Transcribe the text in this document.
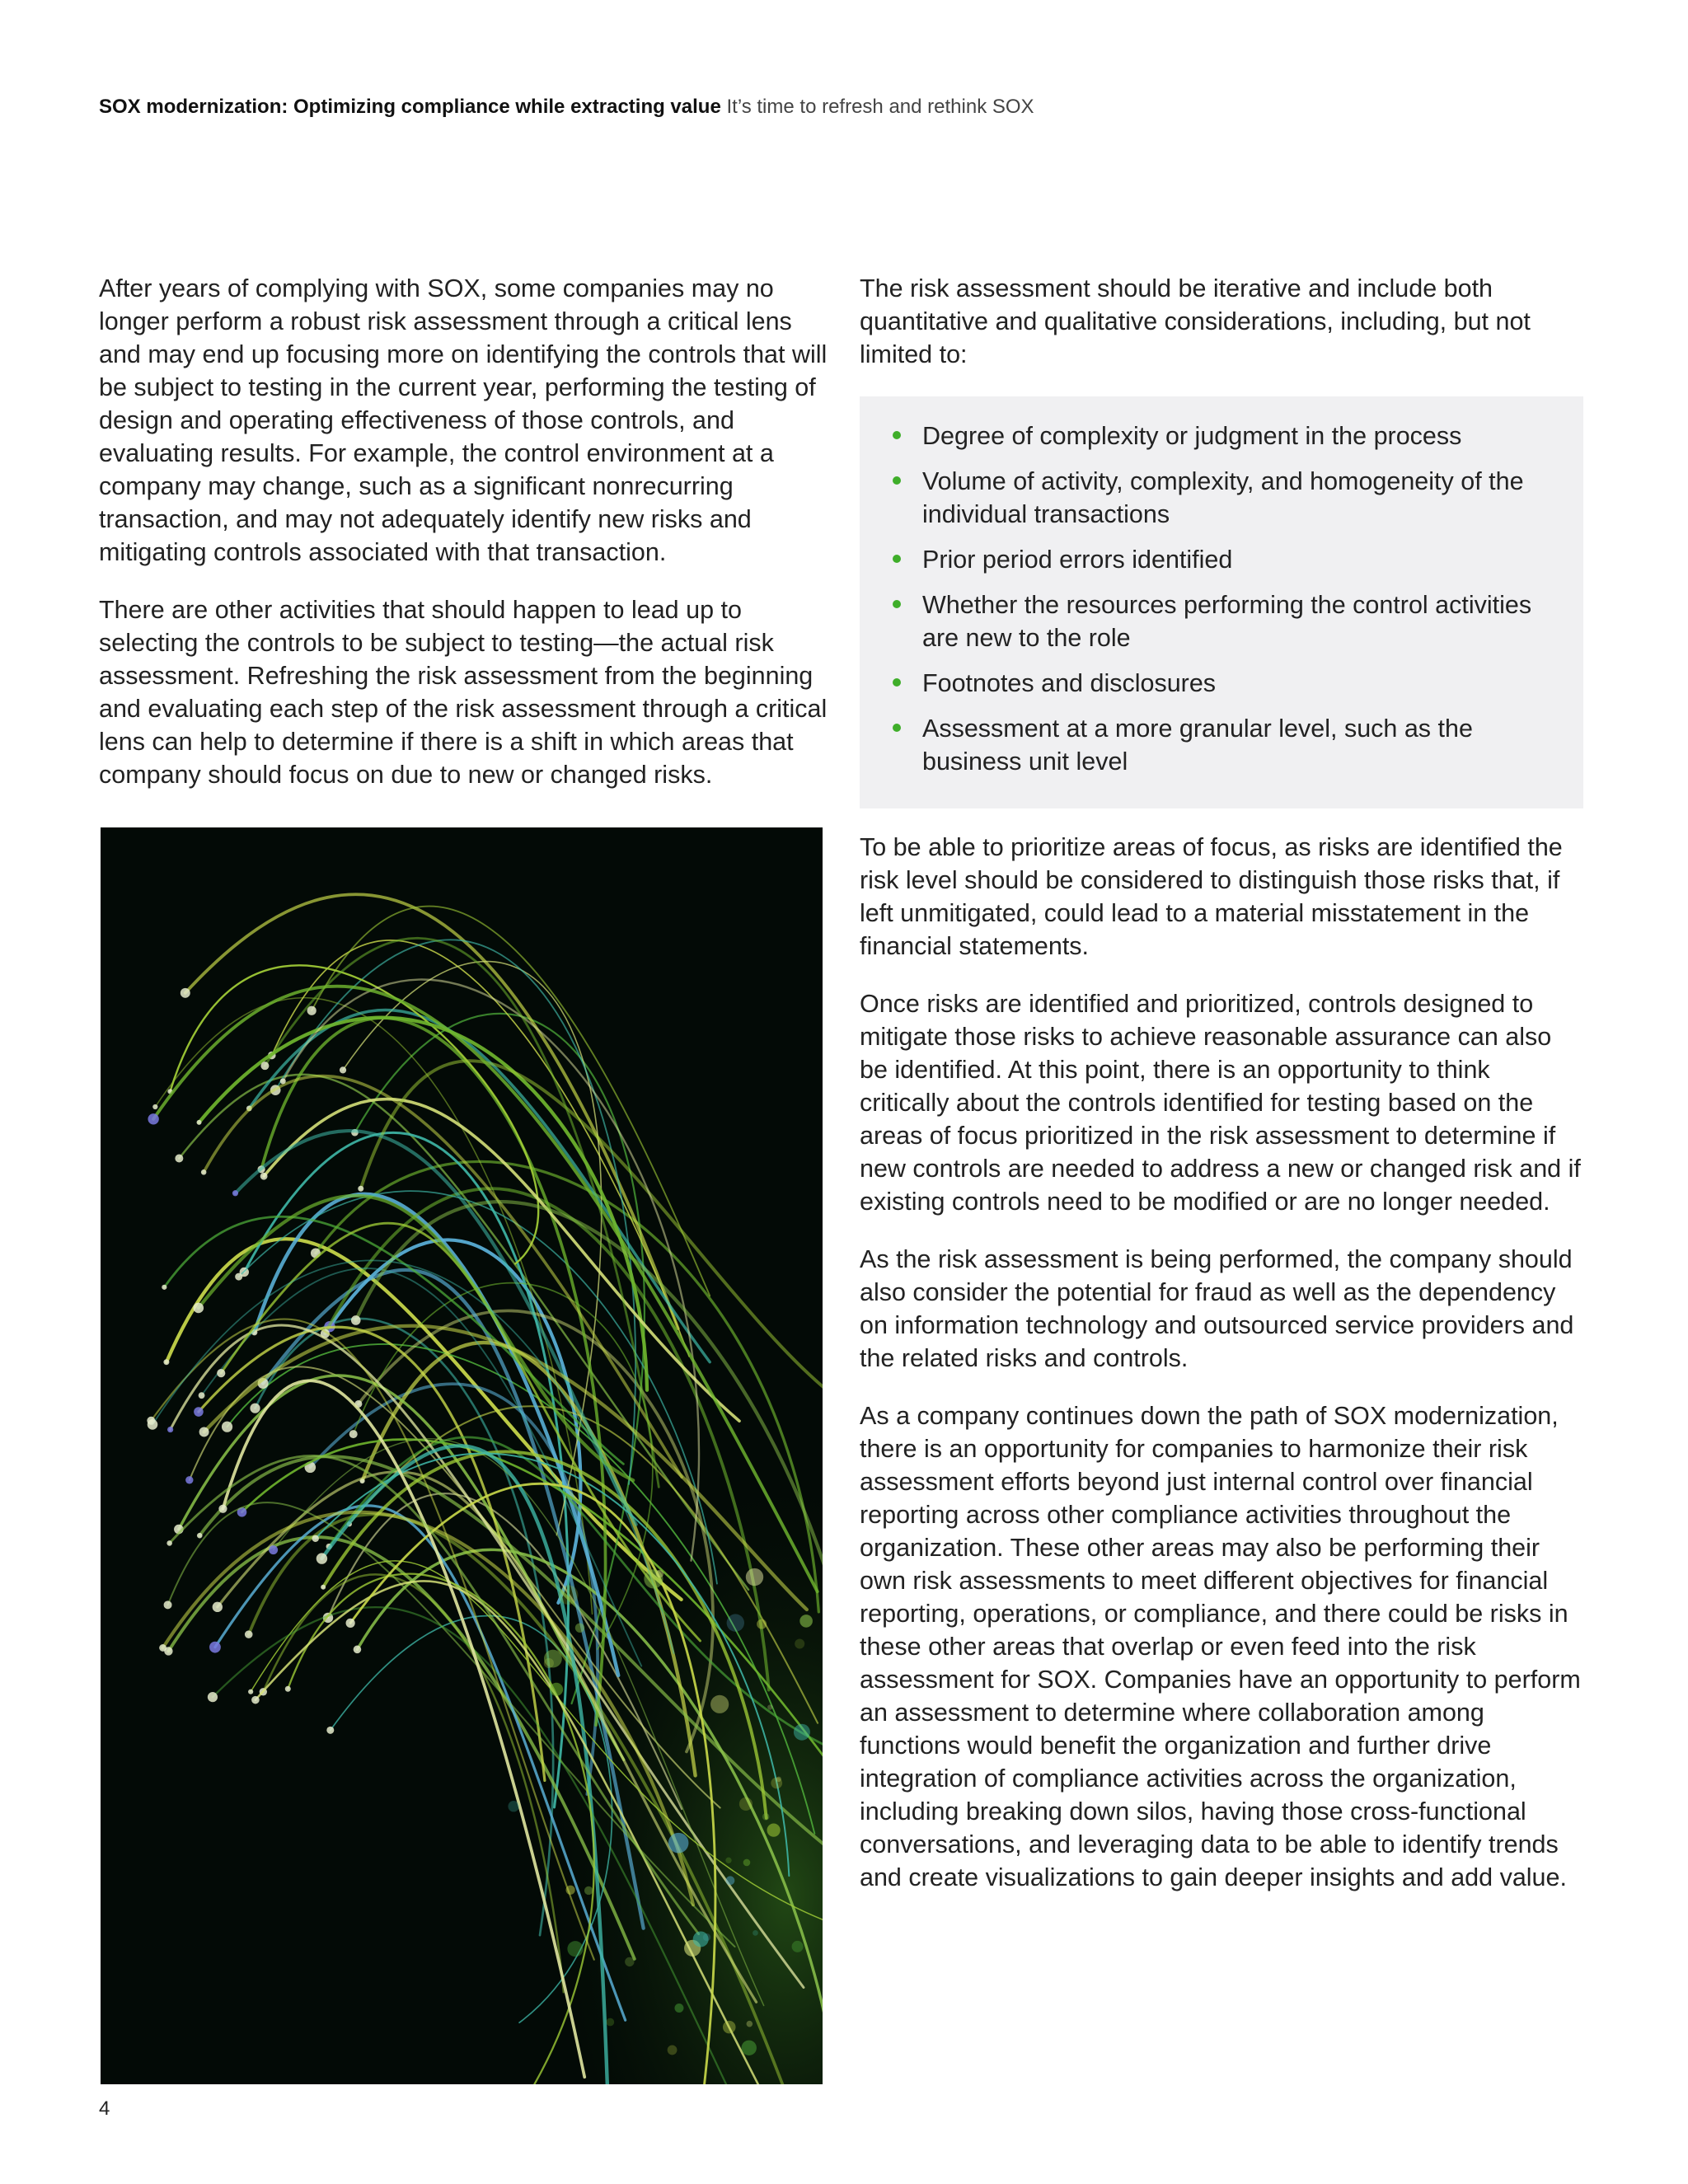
SOX modernization: Optimizing compliance while extracting value It’s time to refresh and rethink SOX

After years of complying with SOX, some companies may no longer perform a robust risk assessment through a critical lens and may end up focusing more on identifying the controls that will be subject to testing in the current year, performing the testing of design and operating effectiveness of those controls, and evaluating results. For example, the control environment at a company may change, such as a significant nonrecurring transaction, and may not adequately identify new risks and mitigating controls associated with that transaction.

There are other activities that should happen to lead up to selecting the controls to be subject to testing—the actual risk assessment. Refreshing the risk assessment from the beginning and evaluating each step of the risk assessment through a critical lens can help to determine if there is a shift in which areas that company should focus on due to new or changed risks.

The risk assessment should be iterative and include both quantitative and qualitative considerations, including, but not limited to:

Degree of complexity or judgment in the process
Volume of activity, complexity, and homogeneity of the individual transactions
Prior period errors identified
Whether the resources performing the control activities are new to the role
Footnotes and disclosures
Assessment at a more granular level, such as the business unit level

To be able to prioritize areas of focus, as risks are identified the risk level should be considered to distinguish those risks that, if left unmitigated, could lead to a material misstatement in the financial statements.

Once risks are identified and prioritized, controls designed to mitigate those risks to achieve reasonable assurance can also be identified. At this point, there is an opportunity to think critically about the controls identified for testing based on the areas of focus prioritized in the risk assessment to determine if new controls are needed to address a new or changed risk and if existing controls need to be modified or are no longer needed.

As the risk assessment is being performed, the company should also consider the potential for fraud as well as the dependency on information technology and outsourced service providers and the related risks and controls.

As a company continues down the path of SOX modernization, there is an opportunity for companies to harmonize their risk assessment efforts beyond just internal control over financial reporting across other compliance activities throughout the organization. These other areas may also be performing their own risk assessments to meet different objectives for financial reporting, operations, or compliance, and there could be risks in these other areas that overlap or even feed into the risk assessment for SOX. Companies have an opportunity to perform an assessment to determine where collaboration among functions would benefit the organization and further drive integration of compliance activities across the organization, including breaking down silos, having those cross-functional conversations, and leveraging data to be able to identify trends and create visualizations to gain deeper insights and add value.

4
